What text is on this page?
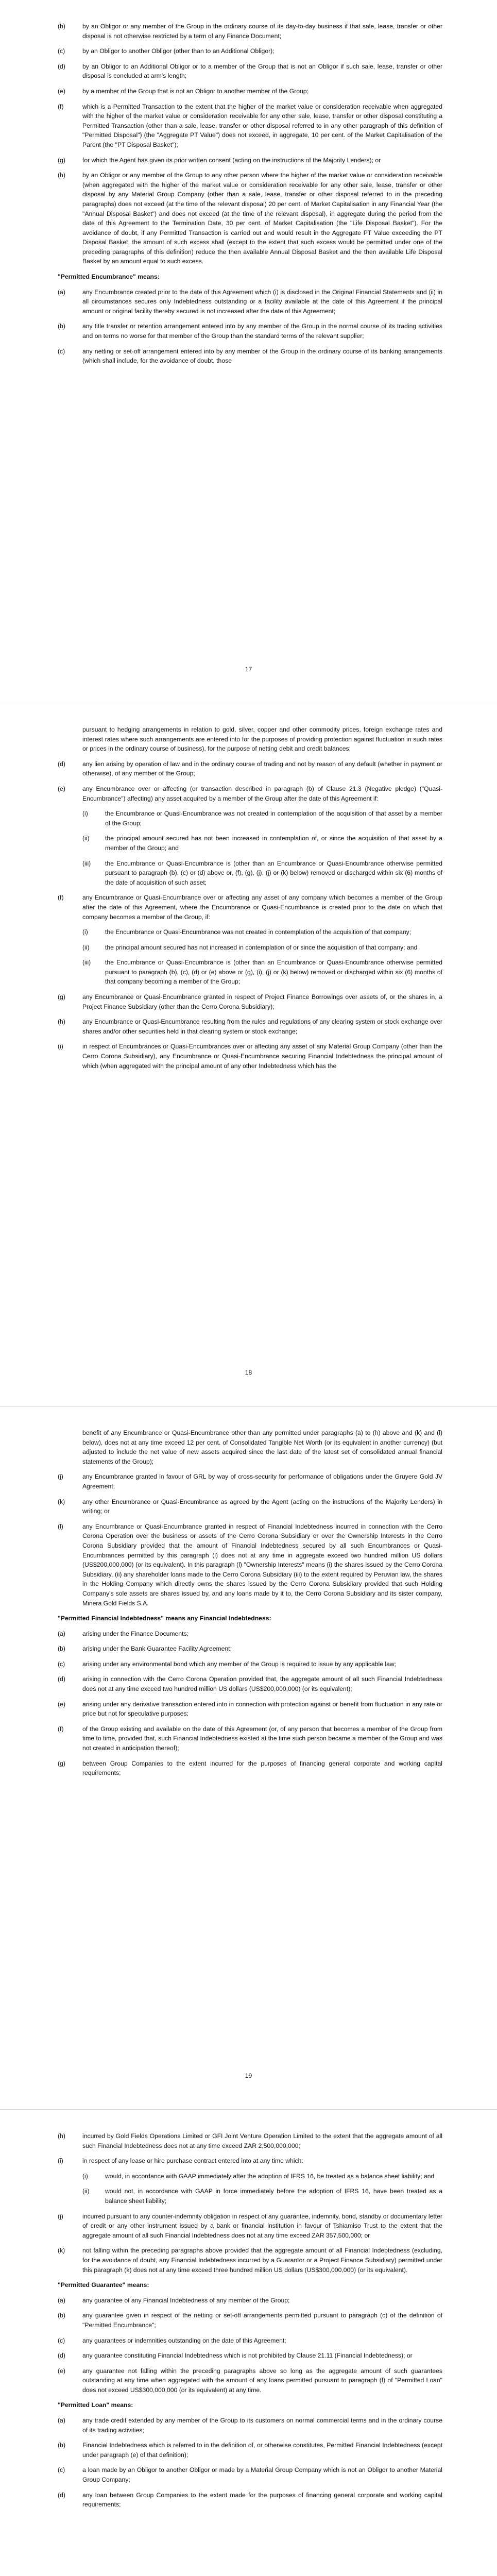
(b)	by an Obligor or any member of the Group in the ordinary course of its day-to-day business if that sale, lease, transfer or other disposal is not otherwise restricted by a term of any Finance Document;
(c)	by an Obligor to another Obligor (other than to an Additional Obligor);
(d)	by an Obligor to an Additional Obligor or to a member of the Group that is not an Obligor if such sale, lease, transfer or other disposal is concluded at arm's length;
(e)	by a member of the Group that is not an Obligor to another member of the Group;
(f)	which is a Permitted Transaction to the extent that the higher of the market value or consideration receivable when aggregated with the higher of the market value or consideration receivable for any other sale, lease, transfer or other disposal constituting a Permitted Transaction (other than a sale, lease, transfer or other disposal referred to in any other paragraph of this definition of "Permitted Disposal") (the "Aggregate PT Value") does not exceed, in aggregate, 10 per cent. of the Market Capitalisation of the Parent (the "PT Disposal Basket");
(g)	for which the Agent has given its prior written consent (acting on the instructions of the Majority Lenders); or
(h)	by an Obligor or any member of the Group to any other person where the higher of the market value or consideration receivable (when aggregated with the higher of the market value or consideration receivable for any other sale, lease, transfer or other disposal by any Material Group Company (other than a sale, lease, transfer or other disposal referred to in the preceding paragraphs) does not exceed (at the time of the relevant disposal) 20 per cent. of Market Capitalisation in any Financial Year (the "Annual Disposal Basket") and does not exceed (at the time of the relevant disposal), in aggregate during the period from the date of this Agreement to the Termination Date, 30 per cent. of Market Capitalisation (the "Life Disposal Basket"). For the avoidance of doubt, if any Permitted Transaction is carried out and would result in the Aggregate PT Value exceeding the PT Disposal Basket, the amount of such excess shall (except to the extent that such excess would be permitted under one of the preceding paragraphs of this definition) reduce the then available Annual Disposal Basket and the then available Life Disposal Basket by an amount equal to such excess.
"Permitted Encumbrance" means:
(a)	any Encumbrance created prior to the date of this Agreement which (i) is disclosed in the Original Financial Statements and (ii) in all circumstances secures only Indebtedness outstanding or a facility available at the date of this Agreement if the principal amount or original facility thereby secured is not increased after the date of this Agreement;
(b)	any title transfer or retention arrangement entered into by any member of the Group in the normal course of its trading activities and on terms no worse for that member of the Group than the standard terms of the relevant supplier;
(c)	any netting or set-off arrangement entered into by any member of the Group in the ordinary course of its banking arrangements (which shall include, for the avoidance of doubt, those
17
pursuant to hedging arrangements in relation to gold, silver, copper and other commodity prices, foreign exchange rates and interest rates where such arrangements are entered into for the purposes of providing protection against fluctuation in such rates or prices in the ordinary course of business), for the purpose of netting debit and credit balances;
(d)	any lien arising by operation of law and in the ordinary course of trading and not by reason of any default (whether in payment or otherwise), of any member of the Group;
(e)	any Encumbrance over or affecting (or transaction described in paragraph (b) of Clause 21.3 (Negative pledge) ("Quasi-Encumbrance") affecting) any asset acquired by a member of the Group after the date of this Agreement if:
(i)	the Encumbrance or Quasi-Encumbrance was not created in contemplation of the acquisition of that asset by a member of the Group;
(ii)	the principal amount secured has not been increased in contemplation of, or since the acquisition of that asset by a member of the Group; and
(iii)	the Encumbrance or Quasi-Encumbrance is (other than an Encumbrance or Quasi-Encumbrance otherwise permitted pursuant to paragraph (b), (c) or (d) above or, (f), (g), (j), (j) or (k) below) removed or discharged within six (6) months of the date of acquisition of such asset;
(f)	any Encumbrance or Quasi-Encumbrance over or affecting any asset of any company which becomes a member of the Group after the date of this Agreement, where the Encumbrance or Quasi-Encumbrance is created prior to the date on which that company becomes a member of the Group, if:
(i)	the Encumbrance or Quasi-Encumbrance was not created in contemplation of the acquisition of that company;
(ii)	the principal amount secured has not increased in contemplation of or since the acquisition of that company; and
(iii)	the Encumbrance or Quasi-Encumbrance is (other than an Encumbrance or Quasi-Encumbrance otherwise permitted pursuant to paragraph (b), (c), (d) or (e) above or (g), (i), (j) or (k) below) removed or discharged within six (6) months of that company becoming a member of the Group;
(g)	any Encumbrance or Quasi-Encumbrance granted in respect of Project Finance Borrowings over assets of, or the shares in, a Project Finance Subsidiary (other than the Cerro Corona Subsidiary);
(h)	any Encumbrance or Quasi-Encumbrance resulting from the rules and regulations of any clearing system or stock exchange over shares and/or other securities held in that clearing system or stock exchange;
(i)	in respect of Encumbrances or Quasi-Encumbrances over or affecting any asset of any Material Group Company (other than the Cerro Corona Subsidiary), any Encumbrance or Quasi-Encumbrance securing Financial Indebtedness the principal amount of which (when aggregated with the principal amount of any other Indebtedness which has the
18
benefit of any Encumbrance or Quasi-Encumbrance other than any permitted under paragraphs (a) to (h) above and (k) and (l) below), does not at any time exceed 12 per cent. of Consolidated Tangible Net Worth (or its equivalent in another currency) (but adjusted to include the net value of new assets acquired since the last date of the latest set of consolidated annual financial statements of the Group);
(j)	any Encumbrance granted in favour of GRL by way of cross-security for performance of obligations under the Gruyere Gold JV Agreement;
(k)	any other Encumbrance or Quasi-Encumbrance as agreed by the Agent (acting on the instructions of the Majority Lenders) in writing; or
(l)	any Encumbrance or Quasi-Encumbrance granted in respect of Financial Indebtedness incurred in connection with the Cerro Corona Operation over the business or assets of the Cerro Corona Subsidiary or over the Ownership Interests in the Cerro Corona Subsidiary provided that the amount of Financial Indebtedness secured by all such Encumbrances or Quasi-Encumbrances permitted by this paragraph (l) does not at any time in aggregate exceed two hundred million US dollars (US$200,000,000) (or its equivalent). In this paragraph (l) "Ownership Interests" means (i) the shares issued by the Cerro Corona Subsidiary, (ii) any shareholder loans made to the Cerro Corona Subsidiary (iii) to the extent required by Peruvian law, the shares in the Holding Company which directly owns the shares issued by the Cerro Corona Subsidiary provided that such Holding Company's sole assets are shares issued by, and any loans made by it to, the Cerro Corona Subsidiary and its sister company, Minera Gold Fields S.A.
"Permitted Financial Indebtedness" means any Financial Indebtedness:
(a)	arising under the Finance Documents;
(b)	arising under the Bank Guarantee Facility Agreement;
(c)	arising under any environmental bond which any member of the Group is required to issue by any applicable law;
(d)	arising in connection with the Cerro Corona Operation provided that, the aggregate amount of all such Financial Indebtedness does not at any time exceed two hundred million US dollars (US$200,000,000) (or its equivalent);
(e)	arising under any derivative transaction entered into in connection with protection against or benefit from fluctuation in any rate or price but not for speculative purposes;
(f)	of the Group existing and available on the date of this Agreement (or, of any person that becomes a member of the Group from time to time, provided that, such Financial Indebtedness existed at the time such person became a member of the Group and was not created in anticipation thereof);
(g)	between Group Companies to the extent incurred for the purposes of financing general corporate and working capital requirements;
19
(h)	incurred by Gold Fields Operations Limited or GFI Joint Venture Operation Limited to the extent that the aggregate amount of all such Financial Indebtedness does not at any time exceed ZAR 2,500,000,000;
(i)	in respect of any lease or hire purchase contract entered into at any time which:
(i)	would, in accordance with GAAP immediately after the adoption of IFRS 16, be treated as a balance sheet liability; and
(ii)	would not, in accordance with GAAP in force immediately before the adoption of IFRS 16, have been treated as a balance sheet liability;
(j)	incurred pursuant to any counter-indemnity obligation in respect of any guarantee, indemnity, bond, standby or documentary letter of credit or any other instrument issued by a bank or financial institution in favour of Tshiamiso Trust to the extent that the aggregate amount of all such Financial Indebtedness does not at any time exceed ZAR 357,500,000; or
(k)	not falling within the preceding paragraphs above provided that the aggregate amount of all Financial Indebtedness (excluding, for the avoidance of doubt, any Financial Indebtedness incurred by a Guarantor or a Project Finance Subsidiary) permitted under this paragraph (k) does not at any time exceed three hundred million US dollars (US$300,000,000) (or its equivalent).
"Permitted Guarantee" means:
(a)	any guarantee of any Financial Indebtedness of any member of the Group;
(b)	any guarantee given in respect of the netting or set-off arrangements permitted pursuant to paragraph (c) of the definition of "Permitted Encumbrance";
(c)	any guarantees or indemnities outstanding on the date of this Agreement;
(d)	any guarantee constituting Financial Indebtedness which is not prohibited by Clause 21.11 (Financial Indebtedness); or
(e)	any guarantee not falling within the preceding paragraphs above so long as the aggregate amount of such guarantees outstanding at any time when aggregated with the amount of any loans permitted pursuant to paragraph (f) of "Permitted Loan" does not exceed US$300,000,000 (or its equivalent) at any time.
"Permitted Loan" means:
(a)	any trade credit extended by any member of the Group to its customers on normal commercial terms and in the ordinary course of its trading activities;
(b)	Financial Indebtedness which is referred to in the definition of, or otherwise constitutes, Permitted Financial Indebtedness (except under paragraph (e) of that definition);
(c)	a loan made by an Obligor to another Obligor or made by a Material Group Company which is not an Obligor to another Material Group Company;
(d)	any loan between Group Companies to the extent made for the purposes of financing general corporate and working capital requirements;
